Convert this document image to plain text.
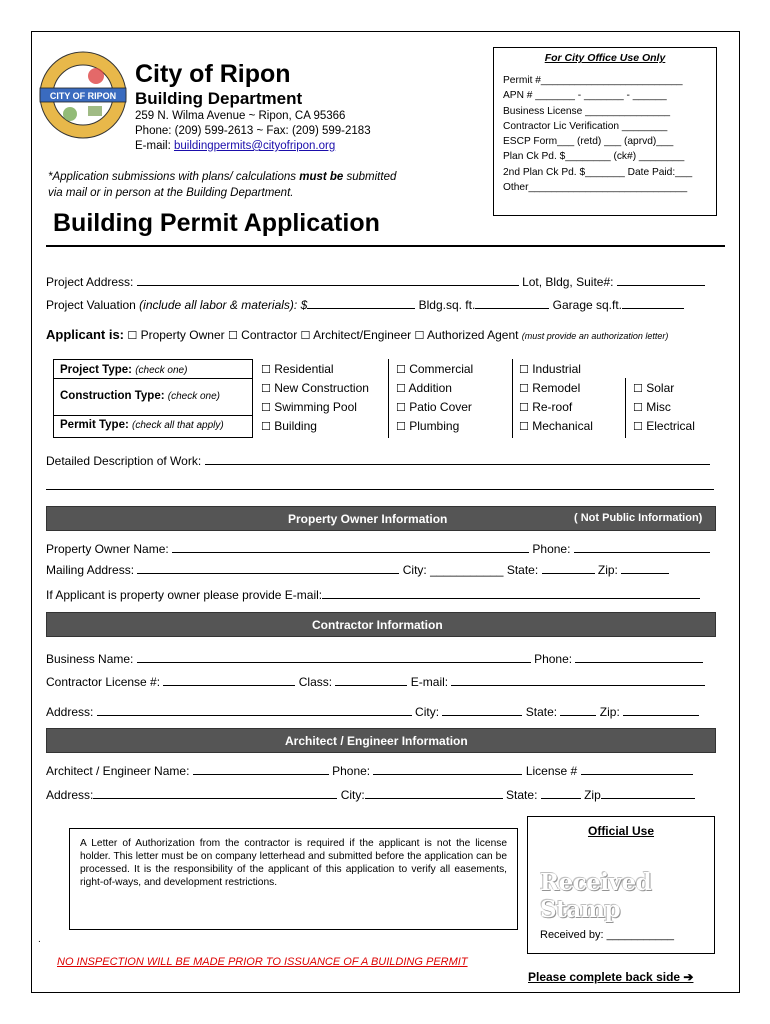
CITY OF RIPON
City of Ripon
Building Department
259 N. Wilma Avenue ~ Ripon, CA 95366
Phone: (209) 599-2613 ~ Fax: (209) 599-2183
E-mail: buildingpermits@cityofripon.org
*Application submissions with plans/ calculations must be submitted
via mail or in person at the Building Department.
For City Office Use Only
Permit #_________________________
APN # _______ - _______ - ______
Business License _______________
Contractor Lic Verification ________
ESCP Form___ (retd) ___ (aprvd)___
Plan Ck Pd. $________ (ck#) ________
2nd Plan Ck Pd. $_______ Date Paid:___
Other____________________________
Building Permit Application
Project Address:	Lot, Bldg, Suite#:
Project Valuation (include all labor & materials): $	Bldg.sq. ft.	Garage sq.ft.
Applicant is: ☐ Property Owner ☐ Contractor ☐ Architect/Engineer ☐ Authorized Agent (must provide an authorization letter)
Project Type: (check one)
Construction Type: (check one)
Permit Type: (check all that apply)
☐ Residential	☐ Commercial	☐ Industrial
☐ New Construction ☐ Addition	☐ Remodel	☐ Solar
☐ Swimming Pool	☐ Patio Cover	☐ Re-roof	☐ Misc
☐ Building	☐ Plumbing	☐ Mechanical	☐ Electrical
Detailed Description of Work:
Property Owner Information	( Not Public Information)
Property Owner Name:	Phone:
Mailing Address:	City: ___________ State:	Zip:
If Applicant is property owner please provide E-mail:
Contractor Information
Business Name:	Phone:
Contractor License #:	Class:	E-mail:
Address:	City:	State:	Zip:
Architect / Engineer Information
Architect / Engineer Name:	Phone:	License #
Address:	City:	State:	Zip
A Letter of Authorization from the contractor is required if the applicant is not the license holder. This letter must be on company letterhead and submitted before the application can be processed. It is the responsibility of the applicant of this application to verify all easements, right-of-ways, and development restrictions.
Official Use
Received Stamp
Received by: ___________
.
NO INSPECTION WILL BE MADE PRIOR TO ISSUANCE OF A BUILDING PERMIT
Please complete back side ➔
